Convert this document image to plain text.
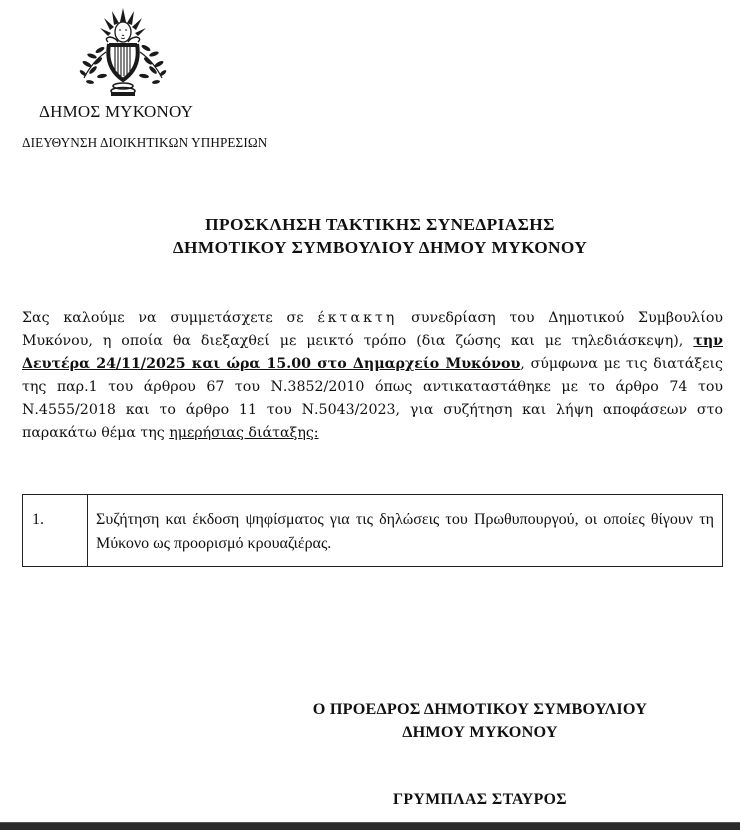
ΔΗΜΟΣ ΜΥΚΟΝΟΥ
ΔΙΕΥΘΥΝΣΗ ΔΙΟΙΚΗΤΙΚΩΝ ΥΠΗΡΕΣΙΩΝ
ΠΡΟΣΚΛΗΣΗ ΤΑΚΤΙΚΗΣ ΣΥΝΕΔΡΙΑΣΗΣ
ΔΗΜΟΤΙΚΟΥ ΣΥΜΒΟΥΛΙΟΥ ΔΗΜΟΥ ΜΥΚΟΝΟΥ
Σας καλούμε να συμμετάσχετε σε έκτακτη συνεδρίαση του Δημοτικού Συμβουλίου
Μυκόνου, η οποία θα διεξαχθεί με μεικτό τρόπο (δια ζώσης και με τηλεδιάσκεψη), την
Δευτέρα 24/11/2025 και ώρα 15.00 στο Δημαρχείο Μυκόνου, σύμφωνα με τις διατάξεις
της παρ.1 του άρθρου 67 του Ν.3852/2010 όπως αντικαταστάθηκε με το άρθρο 74 του
Ν.4555/2018 και το άρθρο 11 του Ν.5043/2023, για συζήτηση και λήψη αποφάσεων στο
παρακάτω θέμα της ημερήσιας διάταξης:
1.	Συζήτηση και έκδοση ψηφίσματος για τις δηλώσεις του Πρωθυπουργού, οι οποίες θίγουν τη Μύκονο ως προορισμό κρουαζιέρας.
Ο ΠΡΟΕΔΡΟΣ ΔΗΜΟΤΙΚΟΥ ΣΥΜΒΟΥΛΙΟΥ
ΔΗΜΟΥ ΜΥΚΟΝΟΥ
ΓΡΥΜΠΛΑΣ ΣΤΑΥΡΟΣ
